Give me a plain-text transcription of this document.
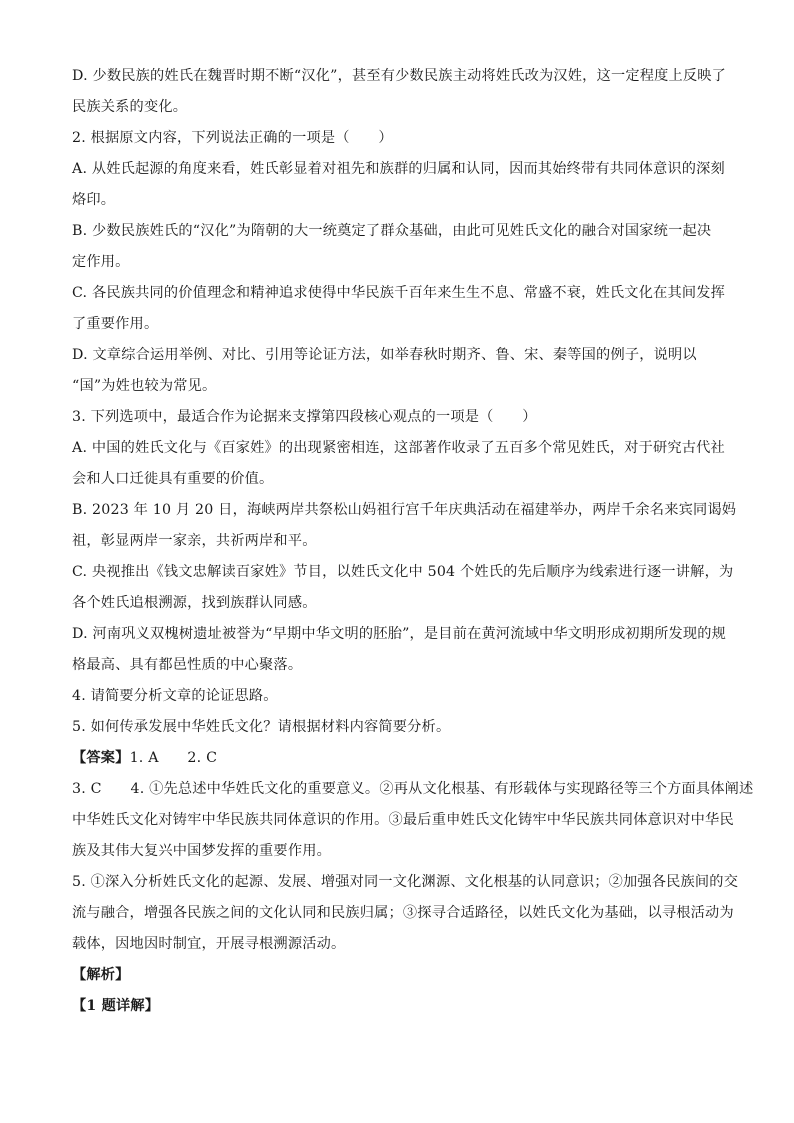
D. 少数民族的姓氏在魏晋时期不断“汉化”，甚至有少数民族主动将姓氏改为汉姓，这一定程度上反映了
民族关系的变化。
2. 根据原文内容，下列说法正确的一项是（　　）
A. 从姓氏起源的角度来看，姓氏彰显着对祖先和族群的归属和认同，因而其始终带有共同体意识的深刻
烙印。
B. 少数民族姓氏的“汉化”为隋朝的大一统奠定了群众基础，由此可见姓氏文化的融合对国家统一起决
定作用。
C. 各民族共同的价值理念和精神追求使得中华民族千百年来生生不息、常盛不衰，姓氏文化在其间发挥
了重要作用。
D. 文章综合运用举例、对比、引用等论证方法，如举春秋时期齐、鲁、宋、秦等国的例子，说明以
“国”为姓也较为常见。
3. 下列选项中，最适合作为论据来支撑第四段核心观点的一项是（　　）
A. 中国的姓氏文化与《百家姓》的出现紧密相连，这部著作收录了五百多个常见姓氏，对于研究古代社
会和人口迁徙具有重要的价值。
B. 2023 年 10 月 20 日，海峡两岸共祭松山妈祖行宫千年庆典活动在福建举办，两岸千余名来宾同谒妈
祖，彰显两岸一家亲，共祈两岸和平。
C. 央视推出《钱文忠解读百家姓》节目，以姓氏文化中 504 个姓氏的先后顺序为线索进行逐一讲解，为
各个姓氏追根溯源，找到族群认同感。
D. 河南巩义双槐树遗址被誉为“早期中华文明的胚胎”，是目前在黄河流域中华文明形成初期所发现的规
格最高、具有都邑性质的中心聚落。
4. 请简要分析文章的论证思路。
5. 如何传承发展中华姓氏文化？请根据材料内容简要分析。
【答案】1. A　　2. C
3. C　　4. ①先总述中华姓氏文化的重要意义。②再从文化根基、有形载体与实现路径等三个方面具体阐述
中华姓氏文化对铸牢中华民族共同体意识的作用。③最后重申姓氏文化铸牢中华民族共同体意识对中华民
族及其伟大复兴中国梦发挥的重要作用。
5. ①深入分析姓氏文化的起源、发展、增强对同一文化渊源、文化根基的认同意识；②加强各民族间的交
流与融合，增强各民族之间的文化认同和民族归属；③探寻合适路径，以姓氏文化为基础，以寻根活动为
载体，因地因时制宜，开展寻根溯源活动。
【解析】
【1 题详解】
